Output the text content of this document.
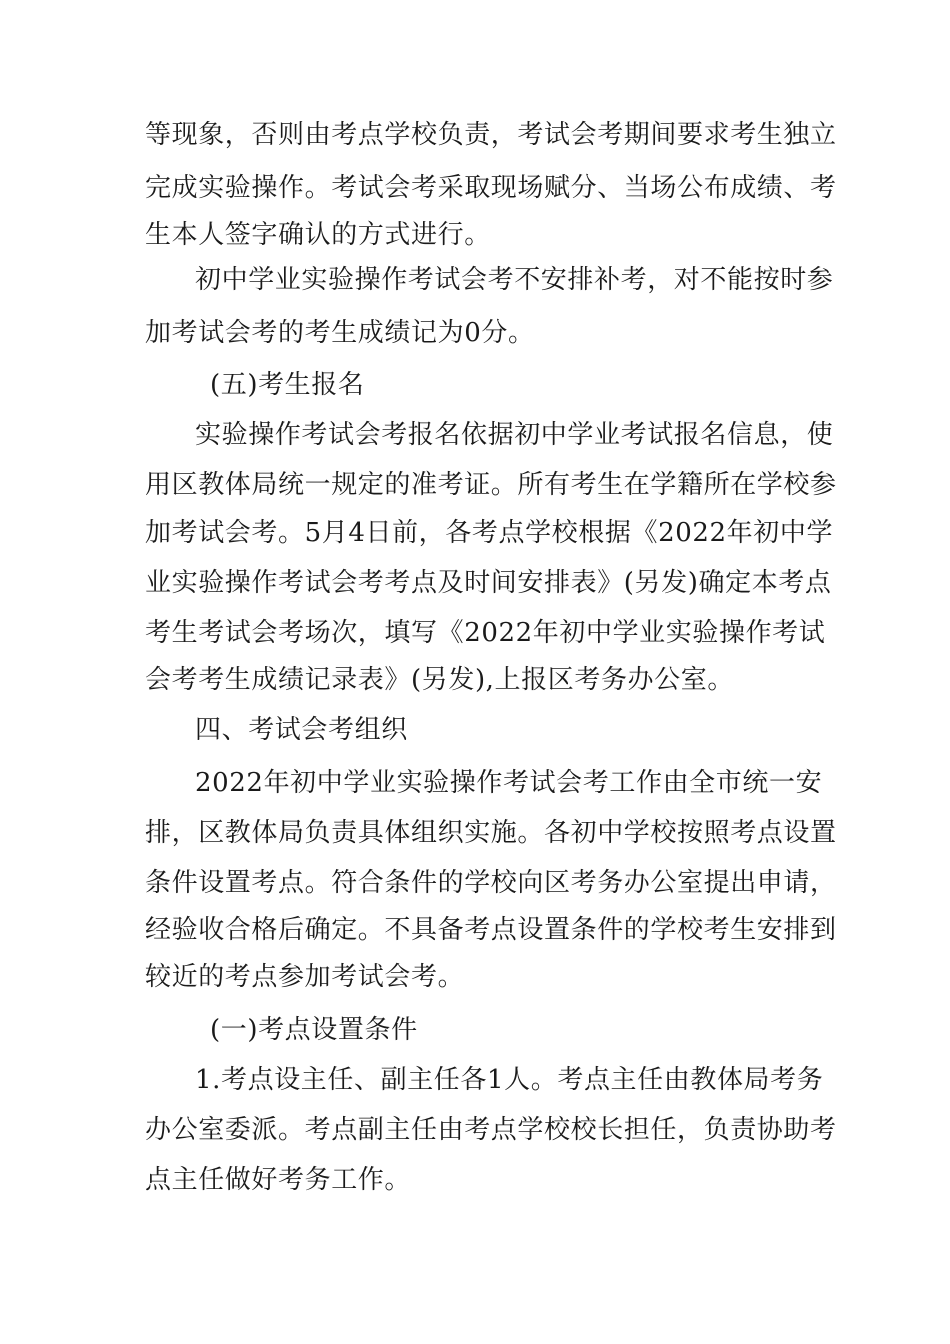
等现象，否则由考点学校负责，考试会考期间要求考生独立
完成实验操作。考试会考采取现场赋分、当场公布成绩、考
生本人签字确认的方式进行。
初中学业实验操作考试会考不安排补考，对不能按时参
加考试会考的考生成绩记为0分。
(五)考生报名
实验操作考试会考报名依据初中学业考试报名信息，使
用区教体局统一规定的准考证。所有考生在学籍所在学校参
加考试会考。5月4日前，各考点学校根据《2022年初中学
业实验操作考试会考考点及时间安排表》(另发)确定本考点
考生考试会考场次，填写《2022年初中学业实验操作考试
会考考生成绩记录表》(另发),上报区考务办公室。
四、考试会考组织
2022年初中学业实验操作考试会考工作由全市统一安
排，区教体局负责具体组织实施。各初中学校按照考点设置
条件设置考点。符合条件的学校向区考务办公室提出申请，
经验收合格后确定。不具备考点设置条件的学校考生安排到
较近的考点参加考试会考。
(一)考点设置条件
1.考点设主任、副主任各1人。考点主任由教体局考务
办公室委派。考点副主任由考点学校校长担任，负责协助考
点主任做好考务工作。
